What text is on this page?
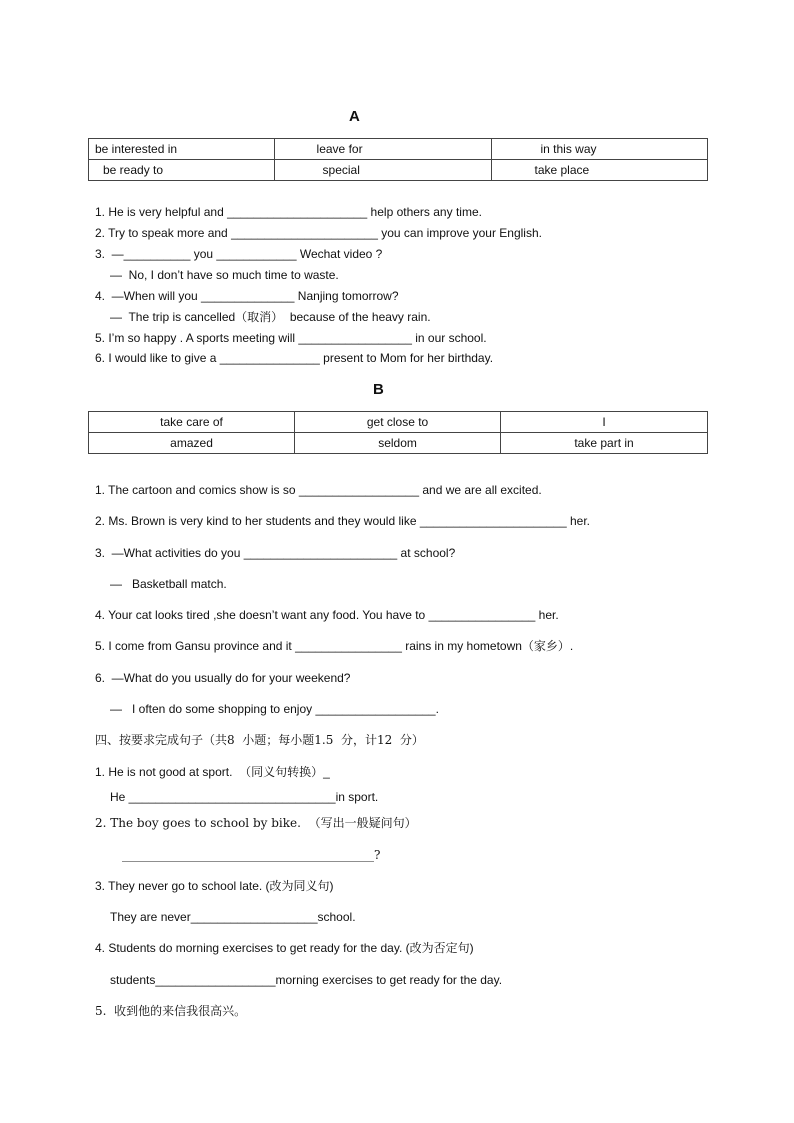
A
be interested in	leave for	in this way
be ready to	special	take place
B
take care of	get close to	I
amazed	seldom	take part in
四、按要求完成句子（共8  小题；每小题1.5  分，计12  分）
1. He is very helpful and _____________________ help others any time.
2. Try to speak more and ______________________ you can improve your English.
3.  —__________ you ____________ Wechat video ?
—  No, I don’t have so much time to waste.
4.  —When will you ______________ Nanjing tomorrow?
—  The trip is cancelled（取消）  because of the heavy rain.
5. I’m so happy . A sports meeting will _________________ in our school.
6. I would like to give a _______________ present to Mom for her birthday.
1. The cartoon and comics show is so __________________ and we are all excited.
2. Ms. Brown is very kind to her students and they would like ______________________ her.
3.  —What activities do you _______________________ at school?
—   Basketball match.
4. Your cat looks tired ,she doesn’t want any food. You have to ________________ her.
5. I come from Gansu province and it ________________ rains in my hometown（家乡）.
6.  —What do you usually do for your weekend?
—   I often do some shopping to enjoy __________________.
1. He is not good at sport.  （同义句转换）_
He _______________________________in sport.
2. The boy goes to school by bike.  （写出一般疑问句）
__________________________________________?
3. They never go to school late. (改为同义句)
They are never___________________school.
4. Students do morning exercises to get ready for the day. (改为否定句)
students__________________morning exercises to get ready for the day.
5.  收到他的来信我很高兴。
